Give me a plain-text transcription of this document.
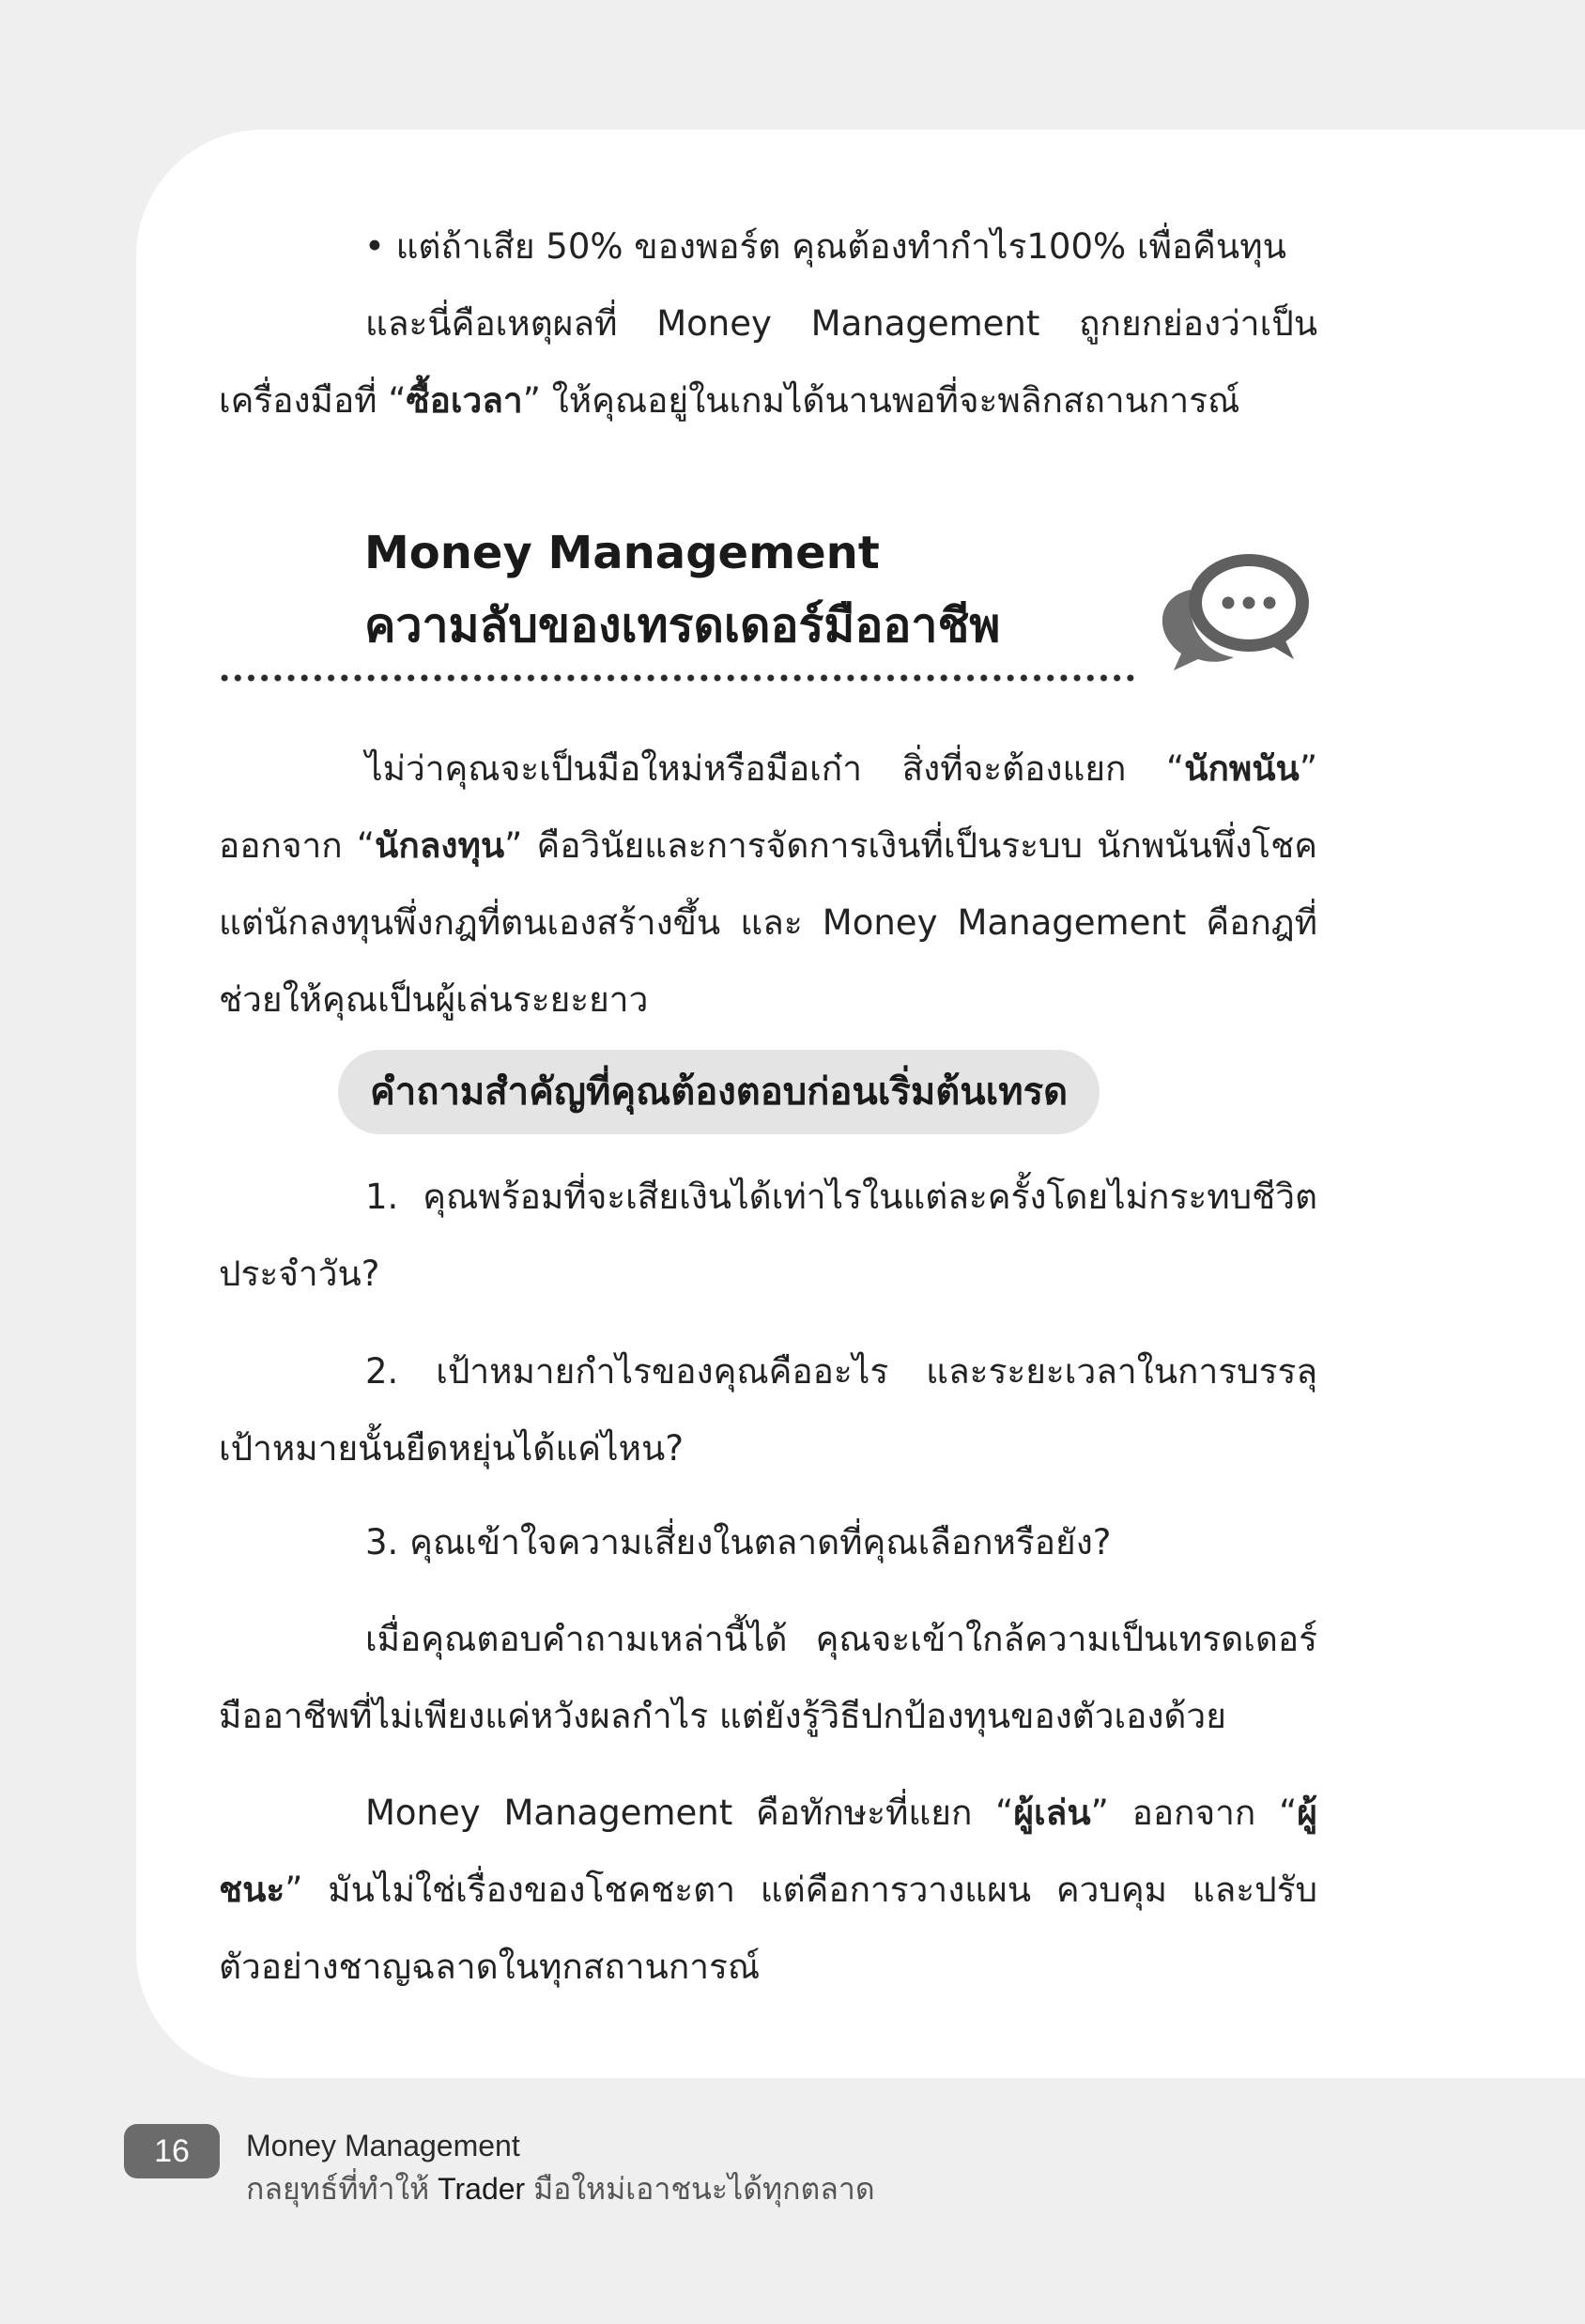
• แต่ถ้าเสีย 50% ของพอร์ต คุณต้องทำกำไร100% เพื่อคืนทุน

และนี่คือเหตุผลที่ Money Management ถูกยกย่องว่าเป็นเครื่องมือที่ “ซื้อเวลา” ให้คุณอยู่ในเกมได้นานพอที่จะพลิกสถานการณ์

Money Management
ความลับของเทรดเดอร์มืออาชีพ

ไม่ว่าคุณจะเป็นมือใหม่หรือมือเก๋า สิ่งที่จะต้องแยก “นักพนัน” ออกจาก “นักลงทุน” คือวินัยและการจัดการเงินที่เป็นระบบ นักพนันพึ่งโชค แต่นักลงทุนพึ่งกฎที่ตนเองสร้างขึ้น และ Money Management คือกฎที่ช่วยให้คุณเป็นผู้เล่นระยะยาว

คำถามสำคัญที่คุณต้องตอบก่อนเริ่มต้นเทรด

1. คุณพร้อมที่จะเสียเงินได้เท่าไรในแต่ละครั้งโดยไม่กระทบชีวิตประจำวัน?

2. เป้าหมายกำไรของคุณคืออะไร และระยะเวลาในการบรรลุเป้าหมายนั้นยืดหยุ่นได้แค่ไหน?

3. คุณเข้าใจความเสี่ยงในตลาดที่คุณเลือกหรือยัง?

เมื่อคุณตอบคำถามเหล่านี้ได้ คุณจะเข้าใกล้ความเป็นเทรดเดอร์มืออาชีพที่ไม่เพียงแค่หวังผลกำไร แต่ยังรู้วิธีปกป้องทุนของตัวเองด้วย

Money Management คือทักษะที่แยก “ผู้เล่น” ออกจาก “ผู้ชนะ” มันไม่ใช่เรื่องของโชคชะตา แต่คือการวางแผน ควบคุม และปรับตัวอย่างชาญฉลาดในทุกสถานการณ์

16	Money Management
กลยุทธ์ที่ทำให้ Trader มือใหม่เอาชนะได้ทุกตลาด
